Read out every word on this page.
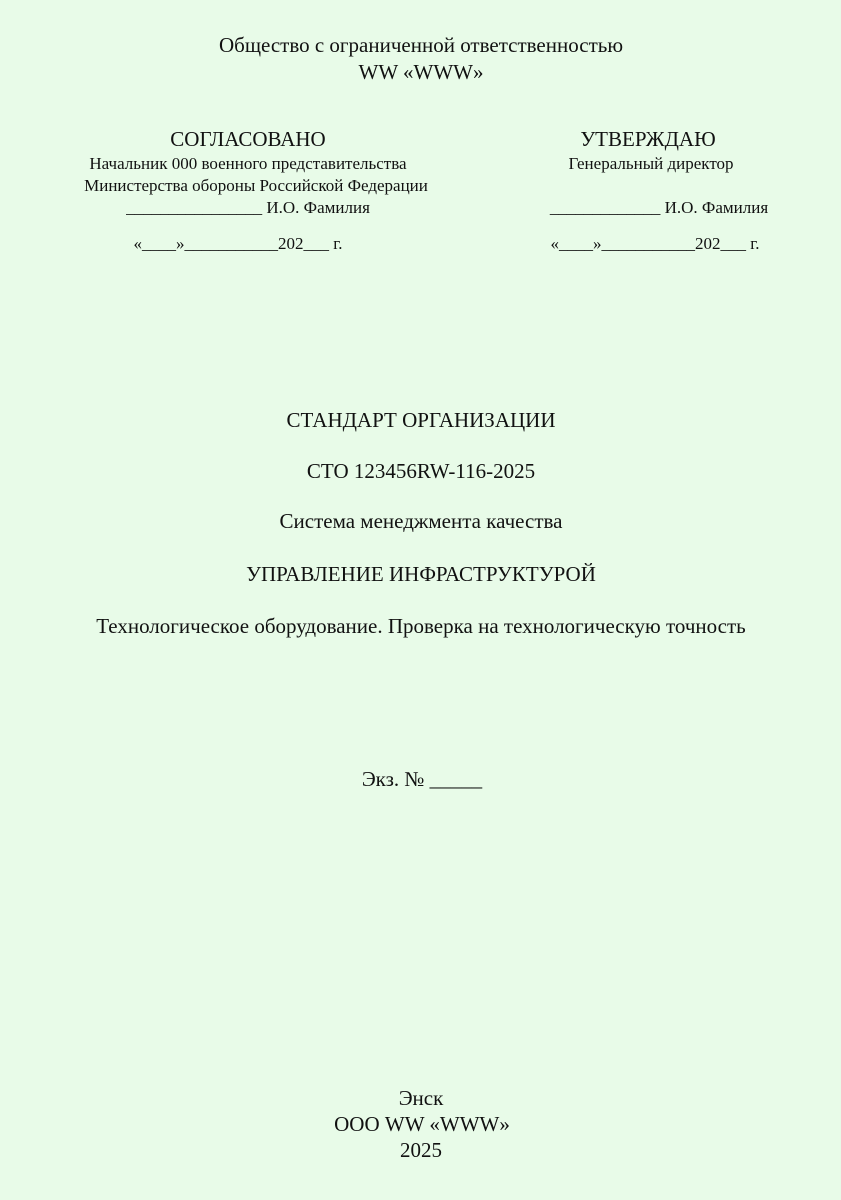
Общество с ограниченной ответственностью
WW «WWW»
СОГЛАСОВАНО
Начальник 000 военного представительства
Министерства обороны Российской Федерации
________________ И.О. Фамилия
«____»___________202___ г.
УТВЕРЖДАЮ
Генеральный директор
_____________ И.О. Фамилия
«____»___________202___ г.
СТАНДАРТ ОРГАНИЗАЦИИ
СТО 123456RW-116-2025
Система менеджмента качества
УПРАВЛЕНИЕ ИНФРАСТРУКТУРОЙ
Технологическое оборудование. Проверка на технологическую точность
Экз. № _____
Энск
ООО WW «WWW»
2025
